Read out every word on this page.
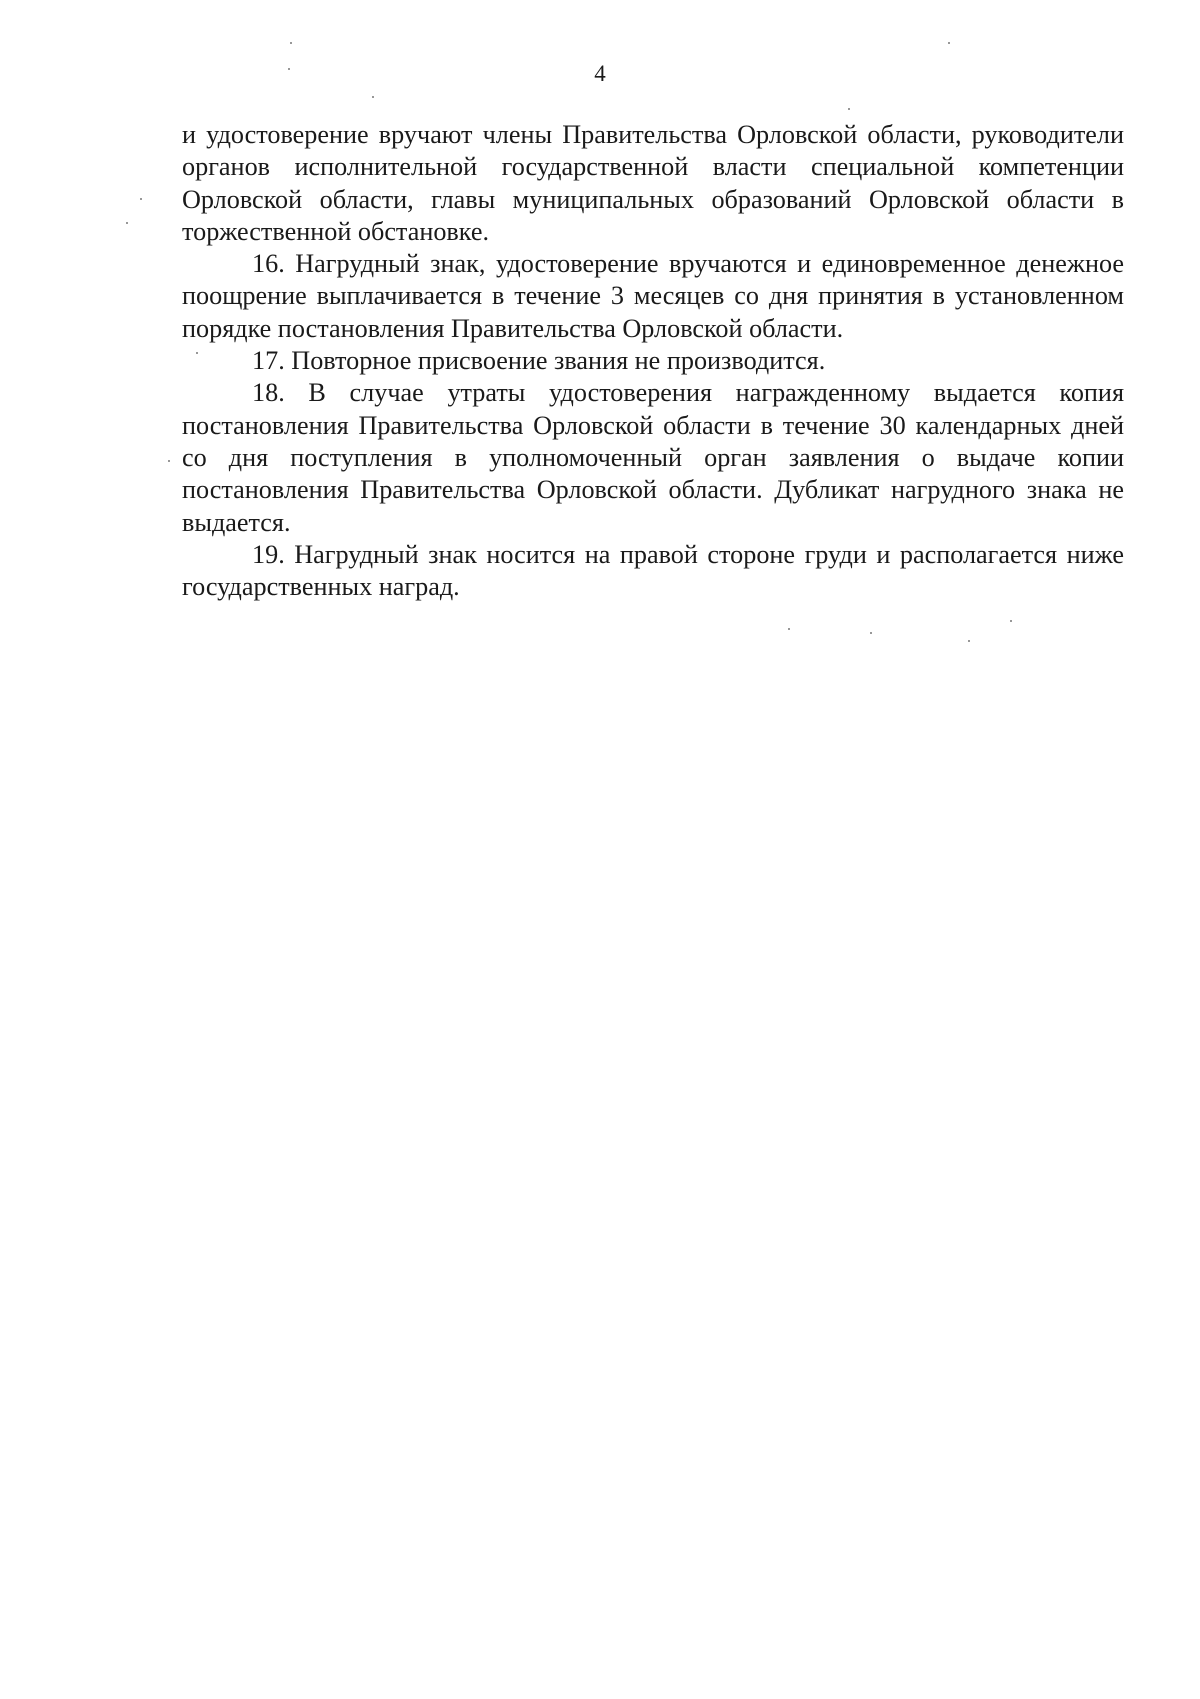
4

и удостоверение вручают члены Правительства Орловской области, руководители органов исполнительной государственной власти специальной компетенции Орловской области, главы муниципальных образований Орловской области в торжественной обстановке.

16. Нагрудный знак, удостоверение вручаются и единовременное денежное поощрение выплачивается в течение 3 месяцев со дня принятия в установленном порядке постановления Правительства Орловской области.

17. Повторное присвоение звания не производится.

18. В случае утраты удостоверения награжденному выдается копия постановления Правительства Орловской области в течение 30 календарных дней со дня поступления в уполномоченный орган заявления о выдаче копии постановления Правительства Орловской области. Дубликат нагрудного знака не выдается.

19. Нагрудный знак носится на правой стороне груди и располагается ниже государственных наград.
